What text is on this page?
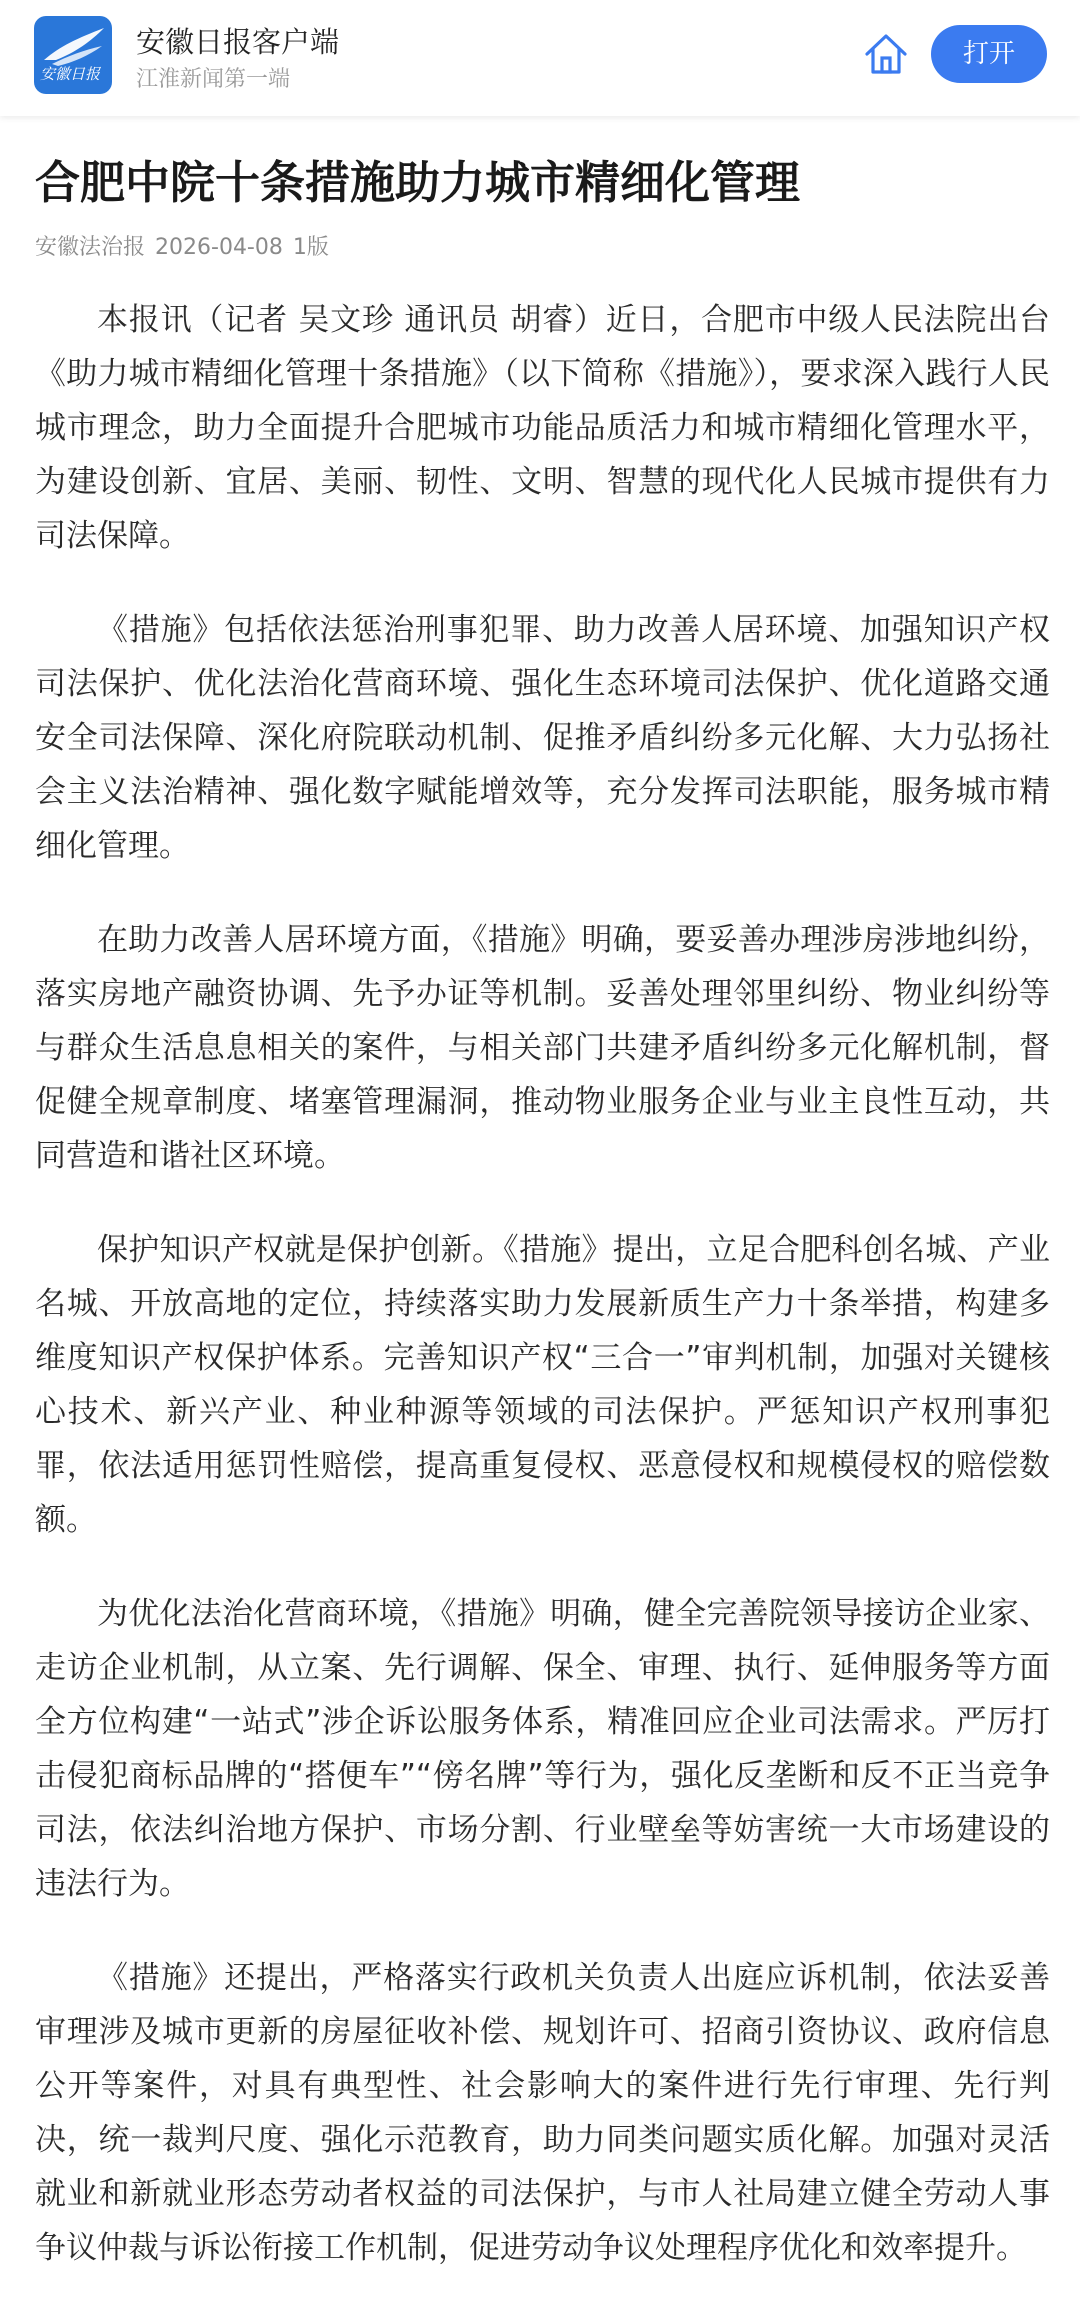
安徽日报
安徽日报客户端
江淮新闻第一端
打开
合肥中院十条措施助力城市精细化管理
安徽法治报 2026-04-08 1版

本报讯（记者 吴文珍 通讯员 胡睿）近日，合肥市中级人民法院出台《助力城市精细化管理十条措施》（以下简称《措施》），要求深入践行人民城市理念，助力全面提升合肥城市功能品质活力和城市精细化管理水平，为建设创新、宜居、美丽、韧性、文明、智慧的现代化人民城市提供有力司法保障。

《措施》包括依法惩治刑事犯罪、助力改善人居环境、加强知识产权司法保护、优化法治化营商环境、强化生态环境司法保护、优化道路交通安全司法保障、深化府院联动机制、促推矛盾纠纷多元化解、大力弘扬社会主义法治精神、强化数字赋能增效等，充分发挥司法职能，服务城市精细化管理。

在助力改善人居环境方面，《措施》明确，要妥善办理涉房涉地纠纷，落实房地产融资协调、先予办证等机制。妥善处理邻里纠纷、物业纠纷等与群众生活息息相关的案件，与相关部门共建矛盾纠纷多元化解机制，督促健全规章制度、堵塞管理漏洞，推动物业服务企业与业主良性互动，共同营造和谐社区环境。

保护知识产权就是保护创新。《措施》提出，立足合肥科创名城、产业名城、开放高地的定位，持续落实助力发展新质生产力十条举措，构建多维度知识产权保护体系。完善知识产权“三合一”审判机制，加强对关键核心技术、新兴产业、种业种源等领域的司法保护。严惩知识产权刑事犯罪，依法适用惩罚性赔偿，提高重复侵权、恶意侵权和规模侵权的赔偿数额。

为优化法治化营商环境，《措施》明确，健全完善院领导接访企业家、走访企业机制，从立案、先行调解、保全、审理、执行、延伸服务等方面全方位构建“一站式”涉企诉讼服务体系，精准回应企业司法需求。严厉打击侵犯商标品牌的“搭便车”“傍名牌”等行为，强化反垄断和反不正当竞争司法，依法纠治地方保护、市场分割、行业壁垒等妨害统一大市场建设的违法行为。

《措施》还提出，严格落实行政机关负责人出庭应诉机制，依法妥善审理涉及城市更新的房屋征收补偿、规划许可、招商引资协议、政府信息公开等案件，对具有典型性、社会影响大的案件进行先行审理、先行判决，统一裁判尺度、强化示范教育，助力同类问题实质化解。加强对灵活就业和新就业形态劳动者权益的司法保护，与市人社局建立健全劳动人事争议仲裁与诉讼衔接工作机制，促进劳动争议处理程序优化和效率提升。
